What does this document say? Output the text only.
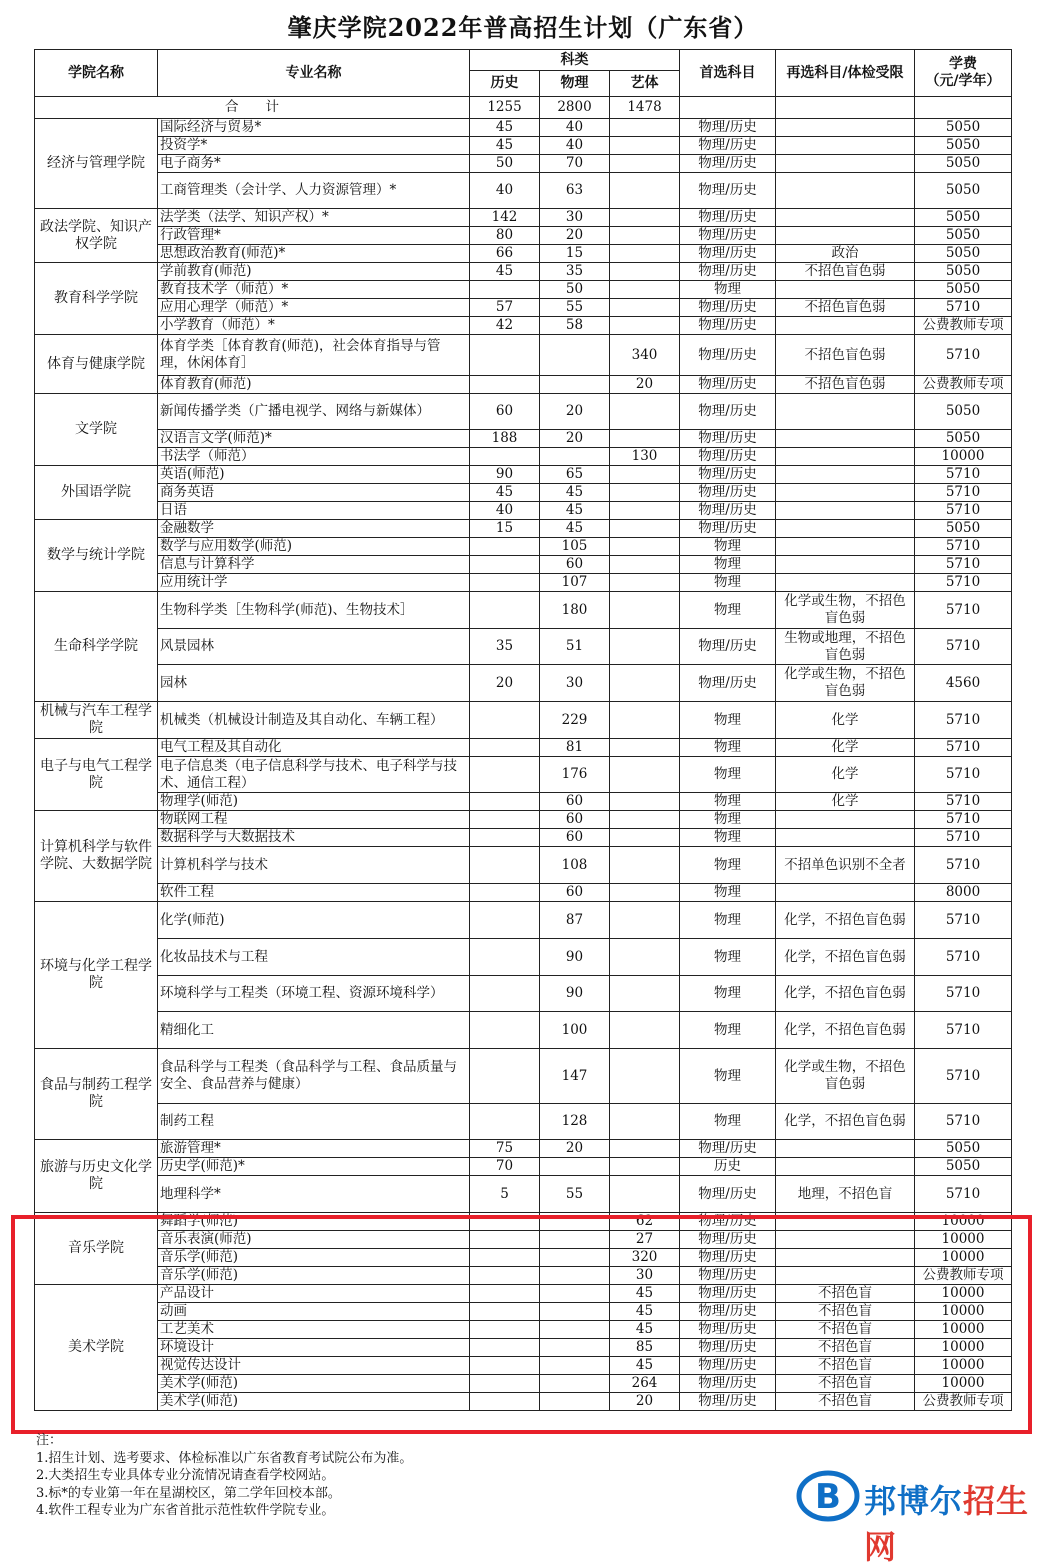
肇庆学院2022年普高招生计划（广东省）
学院名称	专业名称	科类			首选科目	再选科目/体检受限	学费
（元/学年）
		历史	物理	艺体			
合　　计		1255	2800	1478			
经济与管理学院	国际经济与贸易*	45	40		物理/历史		5050
	投资学*	45	40		物理/历史		5050
	电子商务*	50	70		物理/历史		5050
	工商管理类（会计学、人力资源管理）*	40	63		物理/历史		5050
政法学院、知识产权学院	法学类（法学、知识产权）*	142	30		物理/历史		5050
	行政管理*	80	20		物理/历史		5050
	思想政治教育(师范)*	66	15		物理/历史	政治	5050
教育科学学院	学前教育(师范)	45	35		物理/历史	不招色盲色弱	5050
	教育技术学（师范）*		50		物理		5050
	应用心理学（师范）*	57	55		物理/历史	不招色盲色弱	5710
	小学教育（师范）*	42	58		物理/历史		公费教师专项
体育与健康学院	体育学类［体育教育(师范)，社会体育指导与管理，休闲体育］			340	物理/历史	不招色盲色弱	5710
	体育教育(师范)			20	物理/历史	不招色盲色弱	公费教师专项
文学院	新闻传播学类（广播电视学、网络与新媒体）	60	20		物理/历史		5050
	汉语言文学(师范)*	188	20		物理/历史		5050
	书法学（师范）			130	物理/历史		10000
外国语学院	英语(师范)	90	65		物理/历史		5710
	商务英语	45	45		物理/历史		5710
	日语	40	45		物理/历史		5710
数学与统计学院	金融数学	15	45		物理/历史		5050
	数学与应用数学(师范)		105		物理		5710
	信息与计算科学		60		物理		5710
	应用统计学		107		物理		5710
生命科学学院	生物科学类［生物科学(师范)、生物技术］		180		物理	化学或生物，不招色盲色弱	5710
	风景园林	35	51		物理/历史	生物或地理，不招色盲色弱	5710
	园林	20	30		物理/历史	化学或生物，不招色盲色弱	4560
机械与汽车工程学院	机械类（机械设计制造及其自动化、车辆工程）		229		物理	化学	5710
电子与电气工程学院	电气工程及其自动化		81		物理	化学	5710
	电子信息类（电子信息科学与技术、电子科学与技术、通信工程）		176		物理	化学	5710
	物理学(师范)		60		物理	化学	5710
计算机科学与软件学院、大数据学院	物联网工程		60		物理		5710
	数据科学与大数据技术		60		物理		5710
	计算机科学与技术		108		物理	不招单色识别不全者	5710
	软件工程		60		物理		8000
环境与化学工程学院	化学(师范)		87		物理	化学，不招色盲色弱	5710
	化妆品技术与工程		90		物理	化学，不招色盲色弱	5710
	环境科学与工程类（环境工程、资源环境科学）		90		物理	化学，不招色盲色弱	5710
	精细化工		100		物理	化学，不招色盲色弱	5710
食品与制药工程学院	食品科学与工程类（食品科学与工程、食品质量与安全、食品营养与健康）		147		物理	化学或生物，不招色盲色弱	5710
	制药工程		128		物理	化学，不招色盲色弱	5710
旅游与历史文化学院	旅游管理*	75	20		物理/历史		5050
	历史学(师范)*	70			历史		5050
	地理科学*	5	55		物理/历史	地理，不招色盲	5710
音乐学院	舞蹈学(师范)			62	物理/历史		10000
	音乐表演(师范)			27	物理/历史		10000
	音乐学(师范)			320	物理/历史		10000
	音乐学(师范)			30	物理/历史		公费教师专项
美术学院	产品设计			45	物理/历史	不招色盲	10000
	动画			45	物理/历史	不招色盲	10000
	工艺美术			45	物理/历史	不招色盲	10000
	环境设计			85	物理/历史	不招色盲	10000
	视觉传达设计			45	物理/历史	不招色盲	10000
	美术学(师范)			264	物理/历史	不招色盲	10000
	美术学(师范)			20	物理/历史	不招色盲	公费教师专项
注：
1.招生计划、选考要求、体检标准以广东省教育考试院公布为准。
2.大类招生专业具体专业分流情况请查看学校网站。
3.标*的专业第一年在星湖校区，第二学年回校本部。
4.软件工程专业为广东省首批示范性软件学院专业。	B 邦博尔招生网
